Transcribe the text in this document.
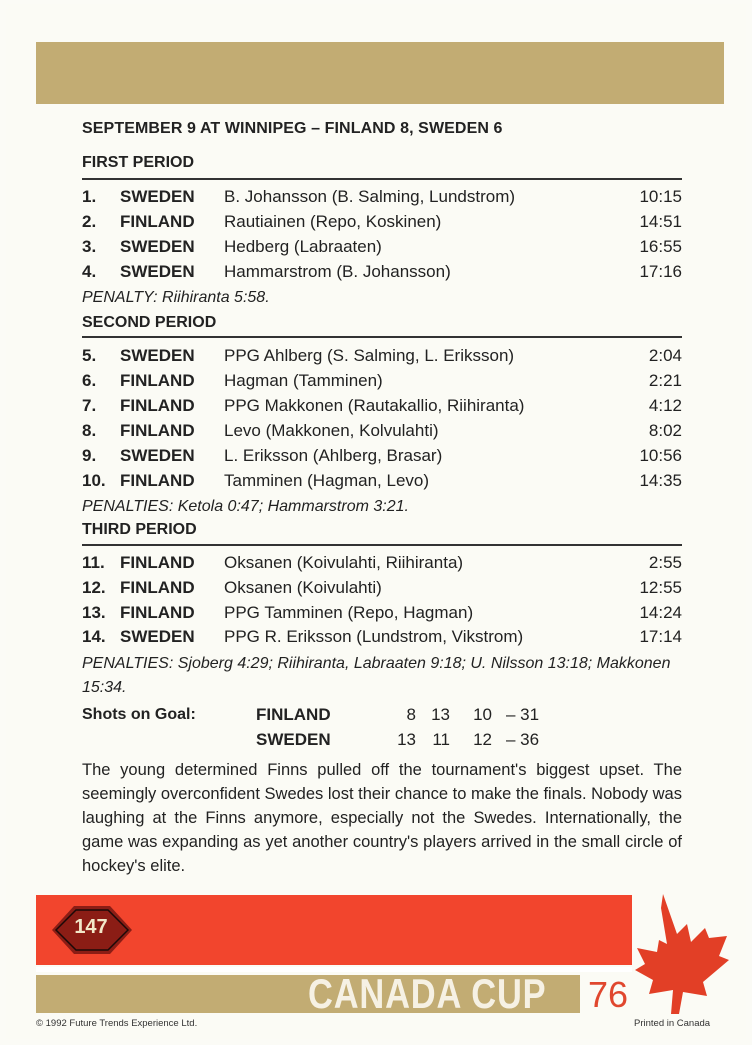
SEPTEMBER 9 AT WINNIPEG – FINLAND 8, SWEDEN 6
FIRST PERIOD
1. SWEDEN B. Johansson (B. Salming, Lundstrom)	10:15
2. FINLAND Rautiainen (Repo, Koskinen)	14:51
3. SWEDEN Hedberg (Labraaten)	16:55
4. SWEDEN Hammarstrom (B. Johansson)	17:16
PENALTY: Riihiranta 5:58.
SECOND PERIOD
5. SWEDEN PPG Ahlberg (S. Salming, L. Eriksson)	2:04
6. FINLAND Hagman (Tamminen)	2:21
7. FINLAND PPG Makkonen (Rautakallio, Riihiranta)	4:12
8. FINLAND Levo (Makkonen, Kolvulahti)	8:02
9. SWEDEN L. Eriksson (Ahlberg, Brasar)	10:56
10. FINLAND Tamminen (Hagman, Levo)	14:35
PENALTIES: Ketola 0:47; Hammarstrom 3:21.
THIRD PERIOD
11. FINLAND Oksanen (Koivulahti, Riihiranta)	2:55
12. FINLAND Oksanen (Koivulahti)	12:55
13. FINLAND PPG Tamminen (Repo, Hagman)	14:24
14. SWEDEN PPG R. Eriksson (Lundstrom, Vikstrom)	17:14
PENALTIES: Sjoberg 4:29; Riihiranta, Labraaten 9:18; U. Nilsson 13:18; Makkonen 15:34.
Shots on Goal:	FINLAND	8 13	10 – 31
SWEDEN	13 11	12 – 36
The young determined Finns pulled off the tournament's biggest upset. The seemingly overconfident Swedes lost their chance to make the finals. Nobody was laughing at the Finns anymore, especially not the Swedes. Internationally, the game was expanding as yet another country's players arrived in the small circle of hockey's elite.
147
CANADA CUP 76
© 1992 Future Trends Experience Ltd.	Printed in Canada
